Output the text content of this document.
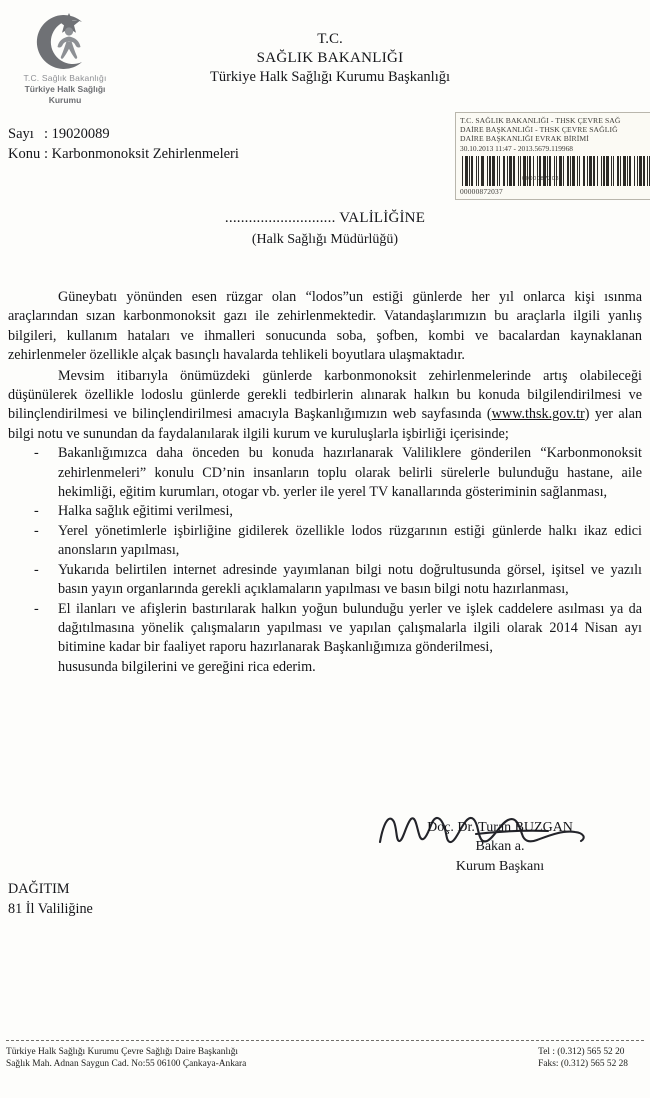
T.C. Sağlık Bakanlığı
Türkiye Halk Sağlığı
Kurumu
T.C.
SAĞLIK BAKANLIĞI
Türkiye Halk Sağlığı Kurumu Başkanlığı
Sayı : 19020089
Konu : Karbonmonoksit Zehirlenmeleri
T.C. SAĞLIK BAKANLIĞI - THSK ÇEVRE SAĞ
DAİRE BAŞKANLIĞI - THSK ÇEVRE SAĞLIĞ
DAİRE BAŞKANLIĞI EVRAK BİRİMİ
30.10.2013 11:47 - 2013.5679.119968
00000872037
............................ VALİLİĞİNE
(Halk Sağlığı Müdürlüğü)

Güneybatı yönünden esen rüzgar olan “lodos”un estiği günlerde her yıl onlarca kişi ısınma araçlarından sızan karbonmonoksit gazı ile zehirlenmektedir. Vatandaşlarımızın bu araçlarla ilgili yanlış bilgileri, kullanım hataları ve ihmalleri sonucunda soba, şofben, kombi ve bacalardan kaynaklanan zehirlenmeler özellikle alçak basınçlı havalarda tehlikeli boyutlara ulaşmaktadır.

Mevsim itibarıyla önümüzdeki günlerde karbonmonoksit zehirlenmelerinde artış olabileceği düşünülerek özellikle lodoslu günlerde gerekli tedbirlerin alınarak halkın bu konuda bilgilendirilmesi ve bilinçlendirilmesi ve bilinçlendirilmesi amacıyla Başkanlığımızın web sayfasında (www.thsk.gov.tr) yer alan bilgi notu ve sunundan da faydalanılarak ilgili kurum ve kuruluşlarla işbirliği içerisinde;

- Bakanlığımızca daha önceden bu konuda hazırlanarak Valiliklere gönderilen “Karbonmonoksit zehirlenmeleri” konulu CD’nin insanların toplu olarak belirli sürelerle bulunduğu hastane, aile hekimliği, eğitim kurumları, otogar vb. yerler ile yerel TV kanallarında gösteriminin sağlanması,
- Halka sağlık eğitimi verilmesi,
- Yerel yönetimlerle işbirliğine gidilerek özellikle lodos rüzgarının estiği günlerde halkı ikaz edici anonsların yapılması,
- Yukarıda belirtilen internet adresinde yayımlanan bilgi notu doğrultusunda görsel, işitsel ve yazılı basın yayın organlarında gerekli açıklamaların yapılması ve basın bilgi notu hazırlanması,
- El ilanları ve afişlerin bastırılarak halkın yoğun bulunduğu yerler ve işlek caddelere asılması ya da dağıtılmasına yönelik çalışmaların yapılması ve yapılan çalışmalarla ilgili olarak 2014 Nisan ayı bitimine kadar bir faaliyet raporu hazırlanarak Başkanlığımıza gönderilmesi,

hususunda bilgilerini ve gereğini rica ederim.

Doç. Dr. Turan BUZGAN
Bakan a.
Kurum Başkanı
DAĞITIM
81 İl Valiliğine
Türkiye Halk Sağlığı Kurumu Çevre Sağlığı Daire Başkanlığı
Sağlık Mah. Adnan Saygun Cad. No:55 06100 Çankaya-Ankara
Tel : (0.312) 565 52 20
Faks: (0.312) 565 52 28
